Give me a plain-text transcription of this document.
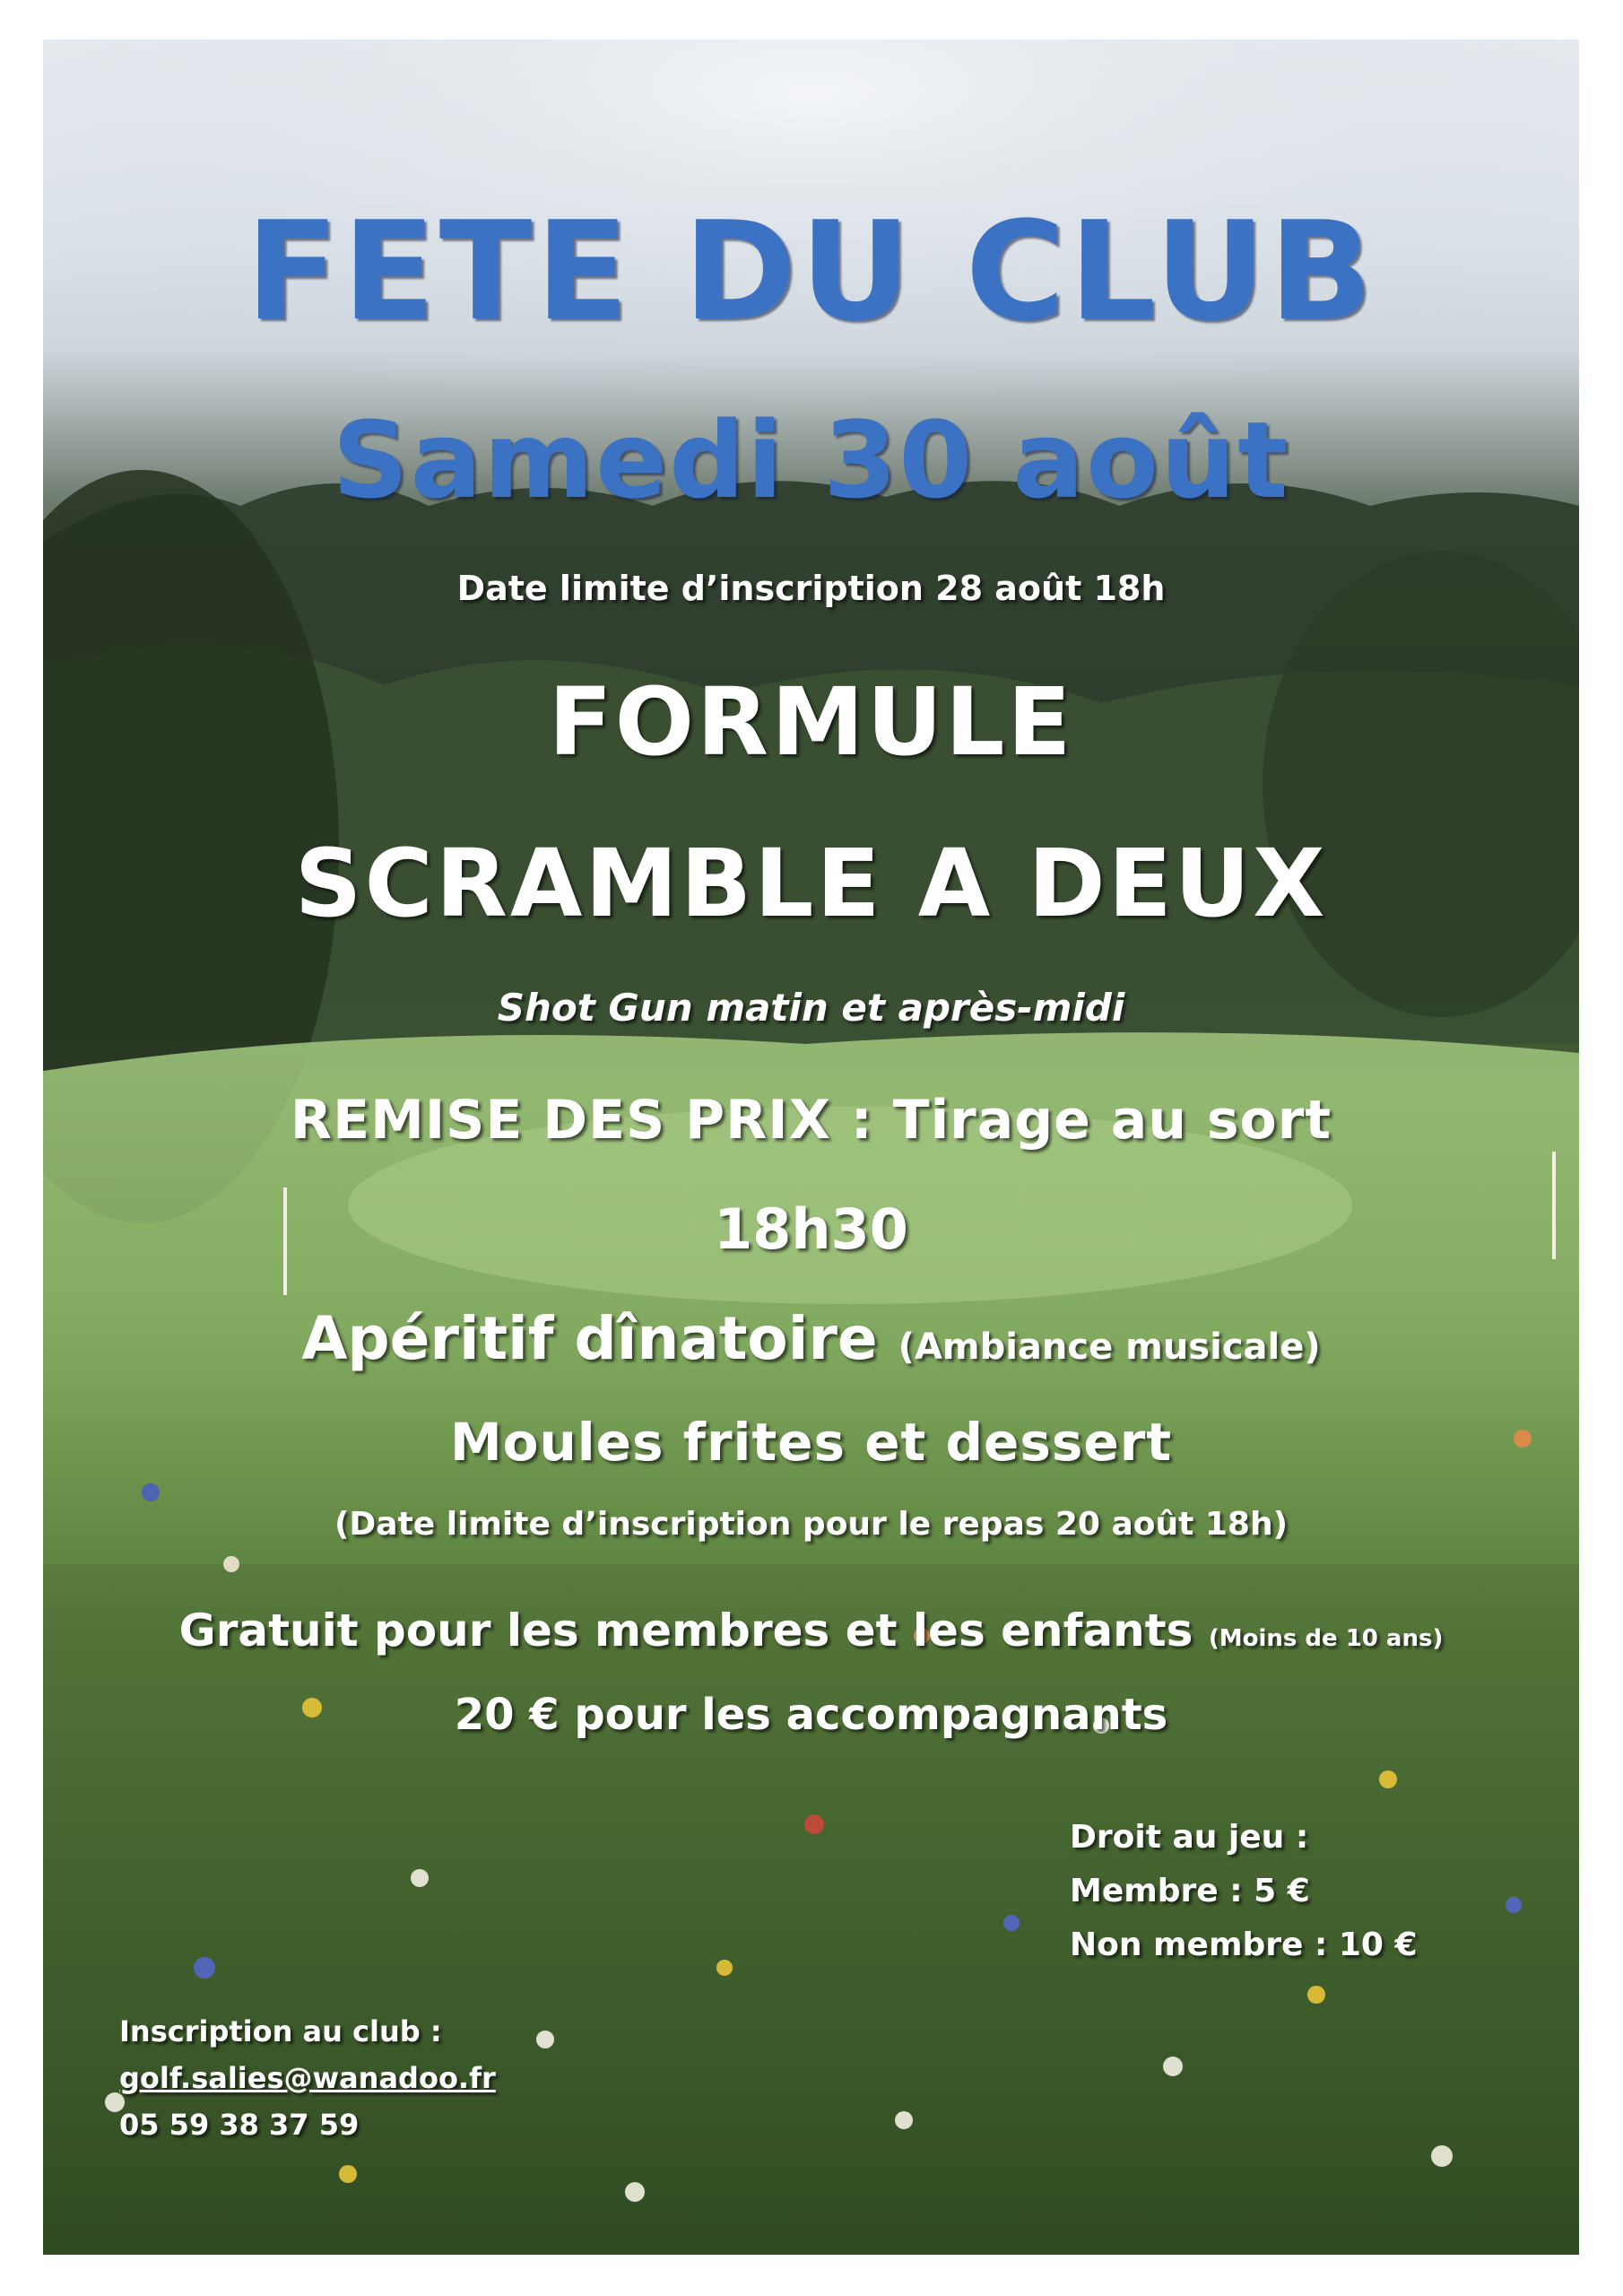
FETE DU CLUB

Samedi 30 août

Date limite d’inscription 28 août 18h

FORMULE

SCRAMBLE A DEUX

Shot Gun matin et après-midi

REMISE DES PRIX : Tirage au sort

18h30

Apéritif dînatoire (Ambiance musicale)

Moules frites et dessert

(Date limite d’inscription pour le repas 20 août 18h)

Gratuit pour les membres et les enfants (Moins de 10 ans)

20 € pour les accompagnants

Droit au jeu :
Membre : 5 €
Non membre : 10 €
Inscription au club :
golf.salies@wanadoo.fr
05 59 38 37 59
